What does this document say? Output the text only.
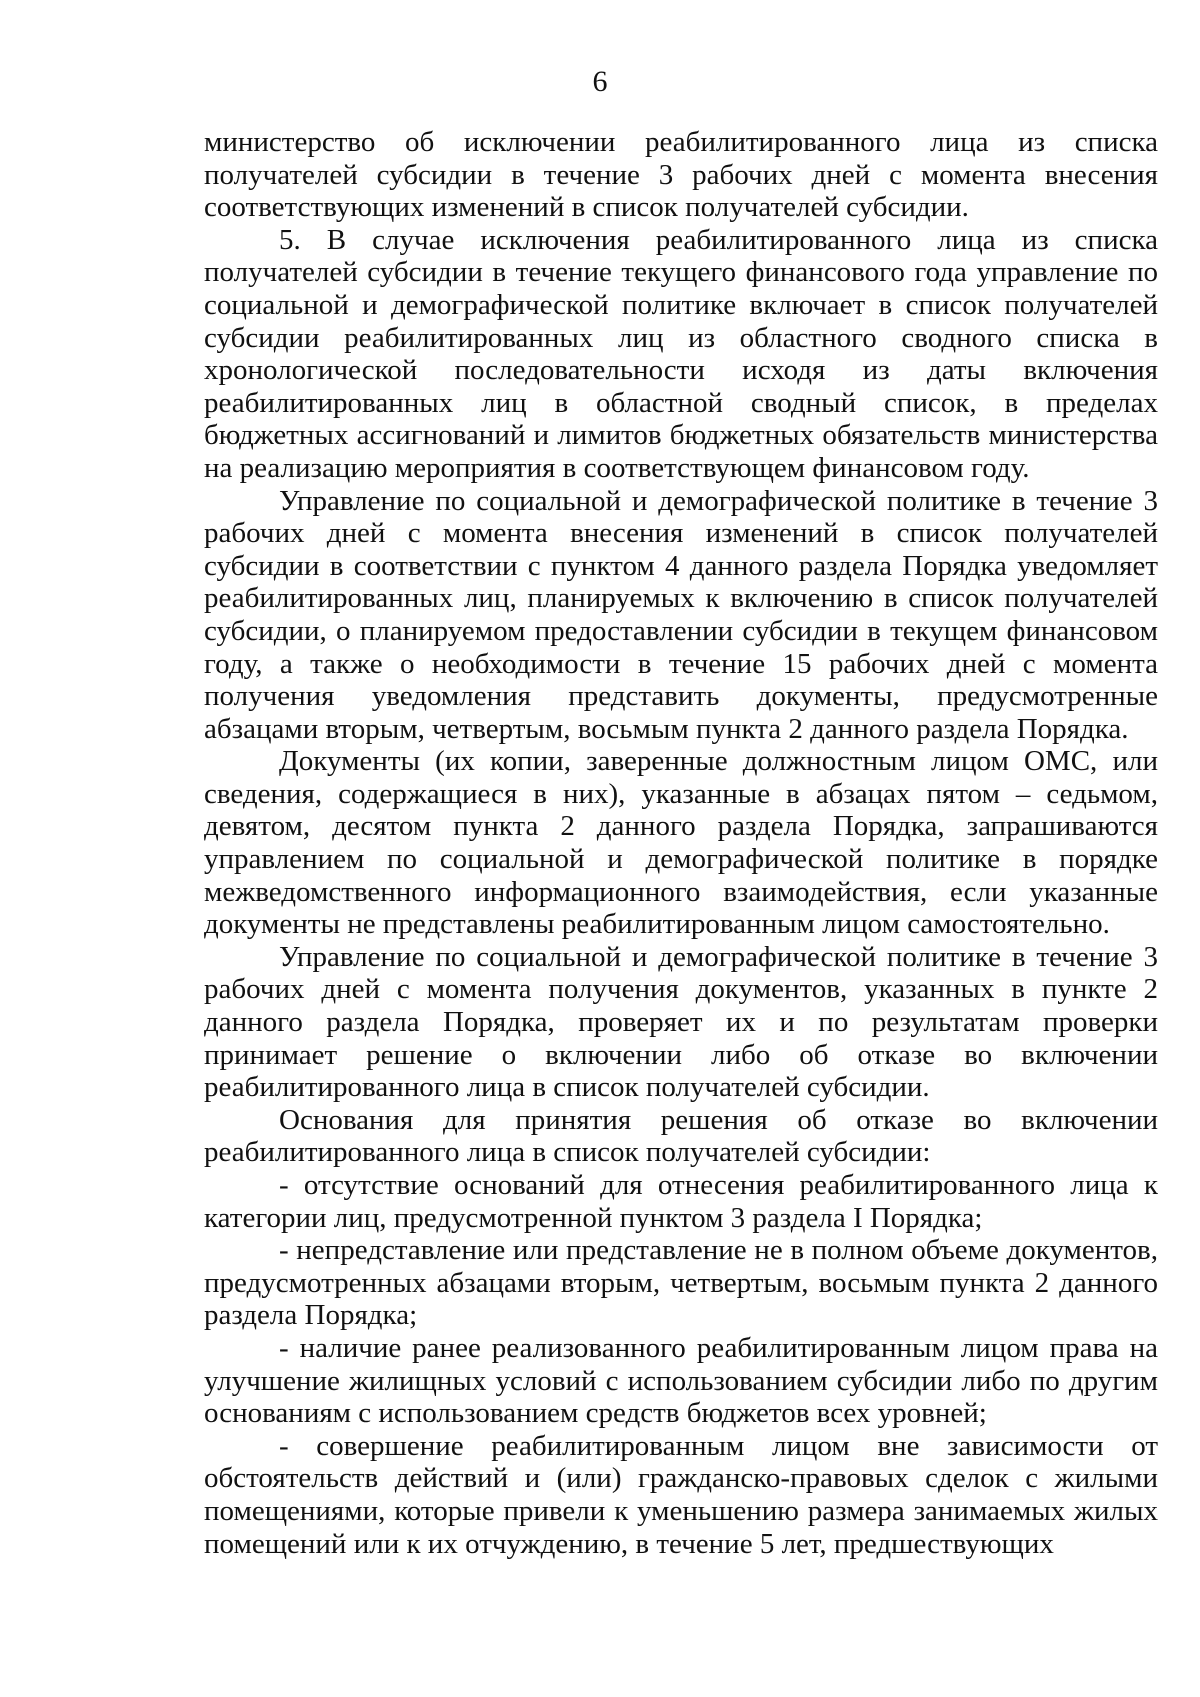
6

министерство об исключении реабилитированного лица из списка получателей субсидии в течение 3 рабочих дней с момента внесения соответствующих изменений в список получателей субсидии.

5. В случае исключения реабилитированного лица из списка получателей субсидии в течение текущего финансового года управление по социальной и демографической политике включает в список получателей субсидии реабилитированных лиц из областного сводного списка в хронологической последовательности исходя из даты включения реабилитированных лиц в областной сводный список, в пределах бюджетных ассигнований и лимитов бюджетных обязательств министерства на реализацию мероприятия в соответствующем финансовом году.

Управление по социальной и демографической политике в течение 3 рабочих дней с момента внесения изменений в список получателей субсидии в соответствии с пунктом 4 данного раздела Порядка уведомляет реабилитированных лиц, планируемых к включению в список получателей субсидии, о планируемом предоставлении субсидии в текущем финансовом году, а также о необходимости в течение 15 рабочих дней с момента получения уведомления представить документы, предусмотренные абзацами вторым, четвертым, восьмым пункта 2 данного раздела Порядка.

Документы (их копии, заверенные должностным лицом ОМС, или сведения, содержащиеся в них), указанные в абзацах пятом – седьмом, девятом, десятом пункта 2 данного раздела Порядка, запрашиваются управлением по социальной и демографической политике в порядке межведомственного информационного взаимодействия, если указанные документы не представлены реабилитированным лицом самостоятельно.

Управление по социальной и демографической политике в течение 3 рабочих дней с момента получения документов, указанных в пункте 2 данного раздела Порядка, проверяет их и по результатам проверки принимает решение о включении либо об отказе во включении реабилитированного лица в список получателей субсидии.

Основания для принятия решения об отказе во включении реабилитированного лица в список получателей субсидии:

- отсутствие оснований для отнесения реабилитированного лица к категории лиц, предусмотренной пунктом 3 раздела I Порядка;

- непредставление или представление не в полном объеме документов, предусмотренных абзацами вторым, четвертым, восьмым пункта 2 данного раздела Порядка;

- наличие ранее реализованного реабилитированным лицом права на улучшение жилищных условий с использованием субсидии либо по другим основаниям с использованием средств бюджетов всех уровней;

- совершение реабилитированным лицом вне зависимости от обстоятельств действий и (или) гражданско-правовых сделок с жилыми помещениями, которые привели к уменьшению размера занимаемых жилых помещений или к их отчуждению, в течение 5 лет, предшествующих
